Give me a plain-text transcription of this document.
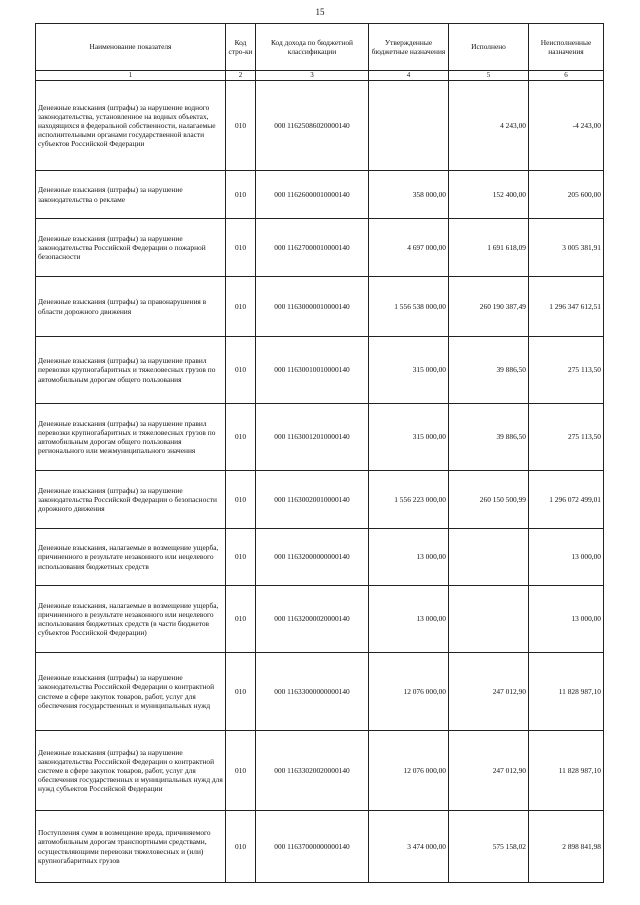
15
Наименование показателя	Код стро-ки	Код дохода по бюджетной классификации	Утвержденные бюджетные назначения	Исполнено	Неисполненные назначения
1	2	3	4	5	6
Денежные взыскания (штрафы) за нарушение водного законодательства, установленное на водных объектах, находящихся в федеральной собственности, налагаемые исполнительными органами государственной власти субъектов Российской Федерации	010	000 11625086020000140		4 243,00	-4 243,00
Денежные взыскания (штрафы) за нарушение законодательства о рекламе	010	000 11626000010000140	358 000,00	152 400,00	205 600,00
Денежные взыскания (штрафы) за нарушение законодательства Российской Федерации о пожарной безопасности	010	000 11627000010000140	4 697 000,00	1 691 618,09	3 005 381,91
Денежные взыскания (штрафы) за правонарушения в области дорожного движения	010	000 11630000010000140	1 556 538 000,00	260 190 387,49	1 296 347 612,51
Денежные взыскания (штрафы) за нарушение правил перевозки крупногабаритных и тяжеловесных грузов по автомобильным дорогам общего пользования	010	000 11630010010000140	315 000,00	39 886,50	275 113,50
Денежные взыскания (штрафы) за нарушение правил перевозки крупногабаритных и тяжеловесных грузов по автомобильным дорогам общего пользования регионального или межмуниципального значения	010	000 11630012010000140	315 000,00	39 886,50	275 113,50
Денежные взыскания (штрафы) за нарушение законодательства Российской Федерации о безопасности дорожного движения	010	000 11630020010000140	1 556 223 000,00	260 150 500,99	1 296 072 499,01
Денежные взыскания, налагаемые в возмещение ущерба, причиненного в результате незаконного или нецелевого использования бюджетных средств	010	000 11632000000000140	13 000,00		13 000,00
Денежные взыскания, налагаемые в возмещение ущерба, причиненного в результате незаконного или нецелевого использования бюджетных средств (в части бюджетов субъектов Российской Федерации)	010	000 11632000020000140	13 000,00		13 000,00
Денежные взыскания (штрафы) за нарушение законодательства Российской Федерации о контрактной системе в сфере закупок товаров, работ, услуг для обеспечения государственных и муниципальных нужд	010	000 11633000000000140	12 076 000,00	247 012,90	11 828 987,10
Денежные взыскания (штрафы) за нарушение законодательства Российской Федерации о контрактной системе в сфере закупок товаров, работ, услуг для обеспечения государственных и муниципальных нужд для нужд субъектов Российской Федерации	010	000 11633020020000140	12 076 000,00	247 012,90	11 828 987,10
Поступления сумм в возмещение вреда, причиняемого автомобильным дорогам транспортными средствами, осуществляющими перевозки тяжеловесных и (или) крупногабаритных грузов	010	000 11637000000000140	3 474 000,00	575 158,02	2 898 841,98
